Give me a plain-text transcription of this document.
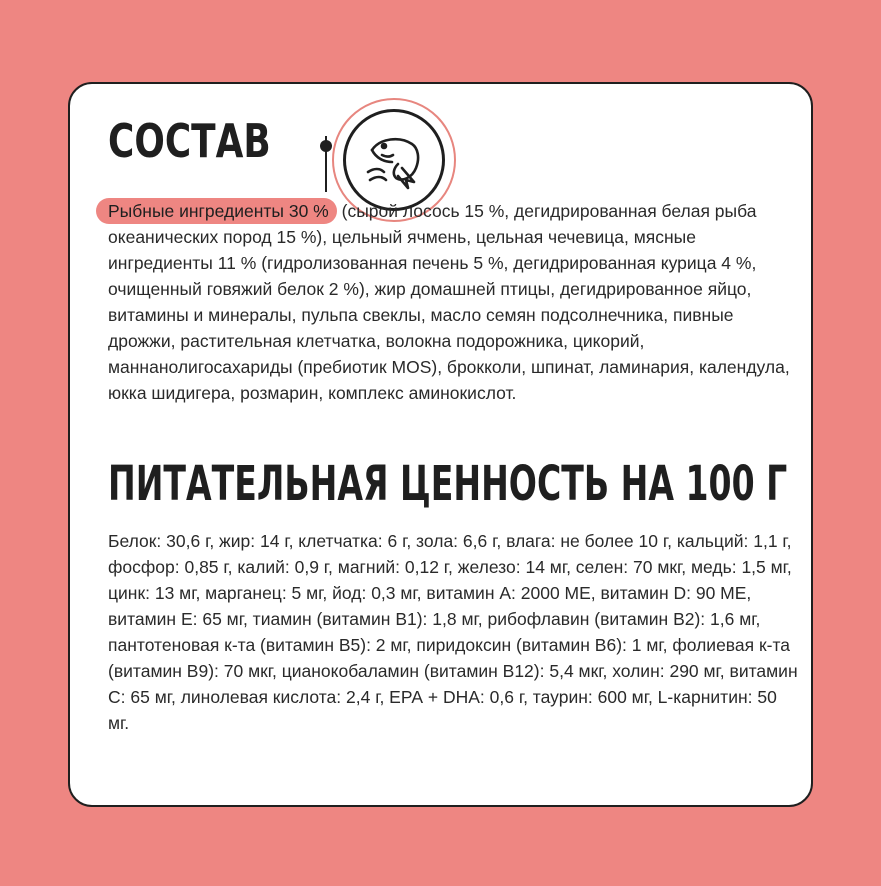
СОСТАВ

Рыбные ингредиенты 30 % (сырой лосось 15 %, дегидрированная белая рыба океанических пород 15 %), цельный ячмень, цельная чечевица, мясные ингредиенты 11 % (гидролизованная печень 5 %, дегидрированная курица 4 %, очищенный говяжий белок 2 %), жир домашней птицы, дегидрированное яйцо, витамины и минералы, пульпа свеклы, масло семян подсолнечника, пивные дрожжи, растительная клетчатка, волокна подорожника, цикорий, маннанолигосахариды (пребиотик MOS), брокколи, шпинат, ламинария, календула, юкка шидигера, розмарин, комплекс аминокислот.

ПИТАТЕЛЬНАЯ ЦЕННОСТЬ НА 100 Г

Белок: 30,6 г, жир: 14 г, клетчатка: 6 г, зола: 6,6 г, влага: не более 10 г, кальций: 1,1 г, фосфор: 0,85 г, калий: 0,9 г, магний: 0,12 г, железо: 14 мг, селен: 70 мкг, медь: 1,5 мг, цинк: 13 мг, марганец: 5 мг, йод: 0,3 мг, витамин А: 2000 МЕ, витамин D: 90 МЕ, витамин Е: 65 мг, тиамин (витамин В1): 1,8 мг, рибофлавин (витамин В2): 1,6 мг, пантотеновая к-та (витамин В5): 2 мг, пиридоксин (витамин В6): 1 мг, фолиевая к-та (витамин В9): 70 мкг, цианокобаламин (витамин В12): 5,4 мкг, холин: 290 мг, витамин С: 65 мг, линолевая кислота: 2,4 г, ЕРА + DHA: 0,6 г, таурин: 600 мг, L-карнитин: 50 мг.
